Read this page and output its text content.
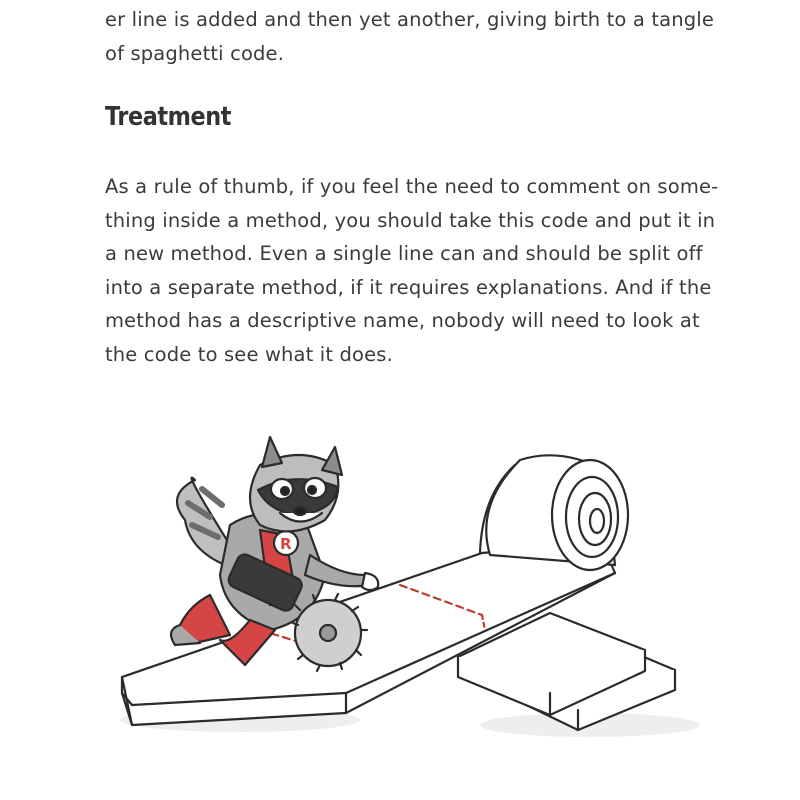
er line is added and then yet another, giving birth to a tangle
of spaghetti code.
Treatment
As a rule of thumb, if you feel the need to comment on some-
thing inside a method, you should take this code and put it in
a new method. Even a single line can and should be split off
into a separate method, if it requires explanations. And if the
method has a descriptive name, nobody will need to look at
the code to see what it does.
R
